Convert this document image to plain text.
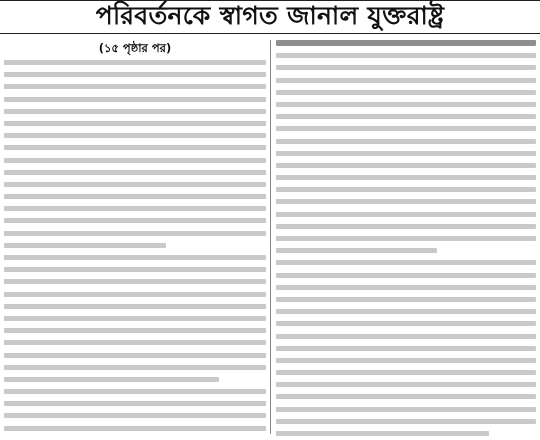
পরিবর্তনকে স্বাগত জানাল যুক্তরাষ্ট্র
(১৫ পৃষ্ঠার পর)
